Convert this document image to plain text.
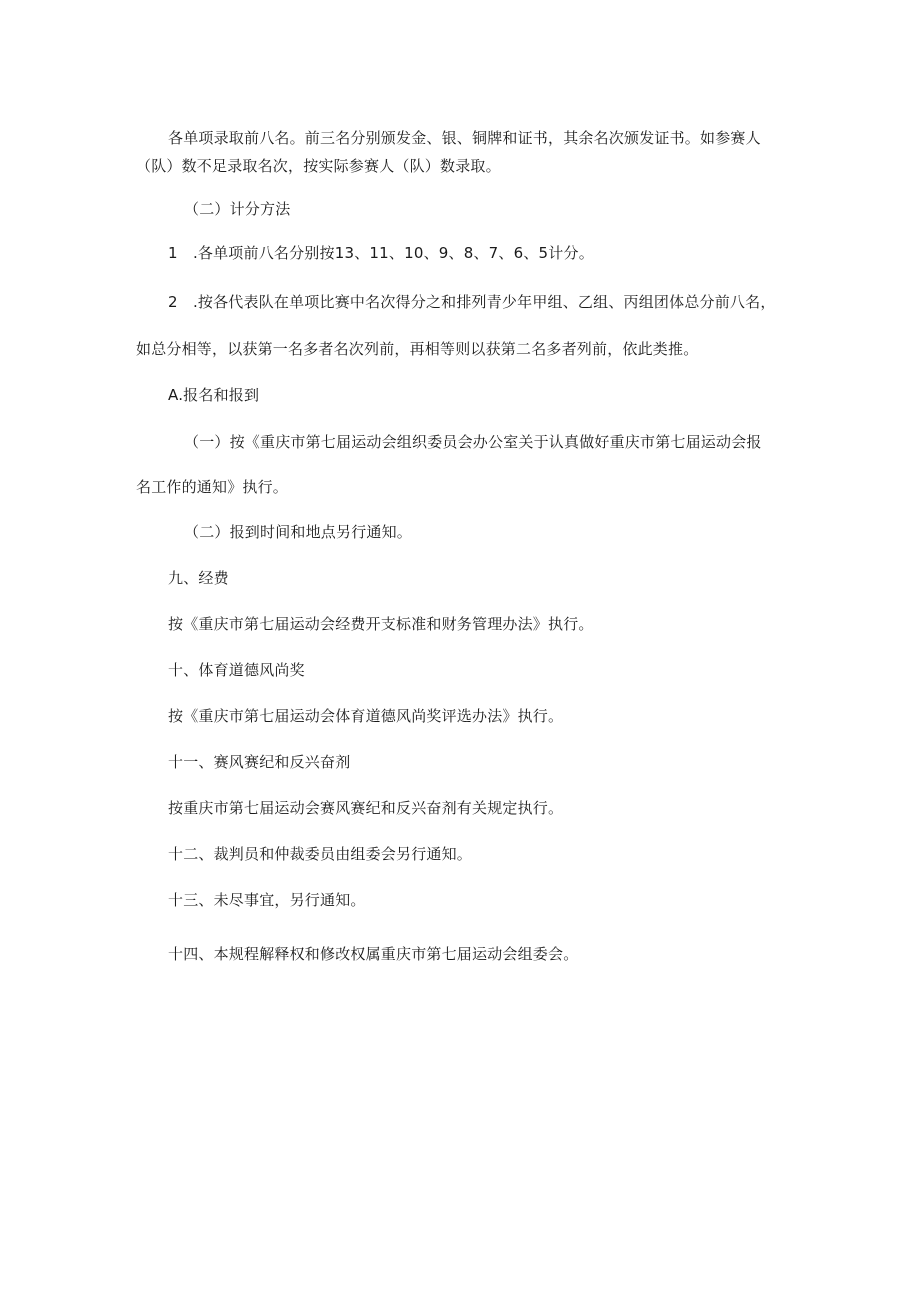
各单项录取前八名。前三名分别颁发金、银、铜牌和证书，其余名次颁发证书。如参赛人
（队）数不足录取名次，按实际参赛人（队）数录取。
（二）计分方法
1　.各单项前八名分别按13、11、10、9、8、7、6、5计分。
2　.按各代表队在单项比赛中名次得分之和排列青少年甲组、乙组、丙组团体总分前八名，
如总分相等，以获第一名多者名次列前，再相等则以获第二名多者列前，依此类推。
A.报名和报到
（一）按《重庆市第七届运动会组织委员会办公室关于认真做好重庆市第七届运动会报
名工作的通知》执行。
（二）报到时间和地点另行通知。
九、经费
按《重庆市第七届运动会经费开支标准和财务管理办法》执行。
十、体育道德风尚奖
按《重庆市第七届运动会体育道德风尚奖评选办法》执行。
十一、赛风赛纪和反兴奋剂
按重庆市第七届运动会赛风赛纪和反兴奋剂有关规定执行。
十二、裁判员和仲裁委员由组委会另行通知。
十三、未尽事宜，另行通知。
十四、本规程解释权和修改权属重庆市第七届运动会组委会。
